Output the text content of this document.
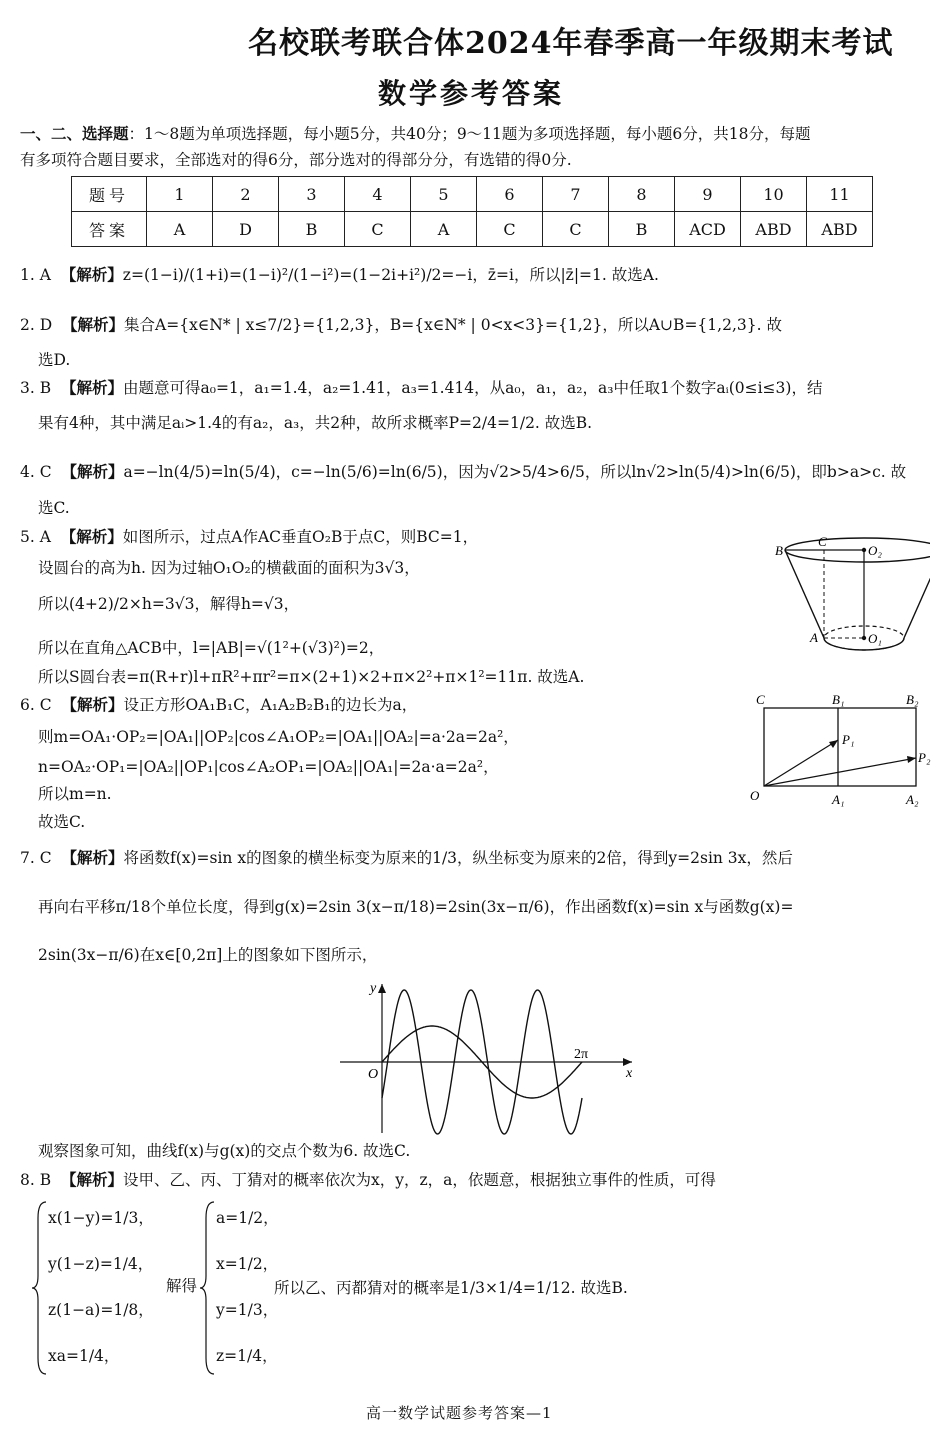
名校联考联合体2024年春季高一年级期末考试
数学参考答案
一、二、选择题：1～8题为单项选择题，每小题5分，共40分；9～11题为多项选择题，每小题6分，共18分，每题
有多项符合题目要求，全部选对的得6分，部分选对的得部分分，有选错的得0分.
题号	1	2	3	4	5	6	7	8	9	10	11
答案	A	D	B	C	A	C	C	B	ACD	ABD	ABD
1. A 【解析】z=(1−i)/(1+i)=(1−i)²/(1−i²)=(1−2i+i²)/2=−i，z̄=i，所以|z̄|=1. 故选A.
2. D 【解析】集合A={x∈N* | x≤7/2}={1,2,3}，B={x∈N* | 0<x<3}={1,2}，所以A∪B={1,2,3}. 故
选D.
3. B 【解析】由题意可得a₀=1，a₁=1.4，a₂=1.41，a₃=1.414，从a₀，a₁，a₂，a₃中任取1个数字aᵢ(0≤i≤3)，结
果有4种，其中满足aᵢ>1.4的有a₂，a₃，共2种，故所求概率P=2/4=1/2. 故选B.
4. C 【解析】a=−ln(4/5)=ln(5/4)，c=−ln(5/6)=ln(6/5)，因为√2>5/4>6/5，所以ln√2>ln(5/4)>ln(6/5)，即b>a>c. 故
选C.
5. A 【解析】如图所示，过点A作AC垂直O₂B于点C，则BC=1，
设圆台的高为h. 因为过轴O₁O₂的横截面的面积为3√3，
所以(4+2)/2×h=3√3，解得h=√3，
所以在直角△ACB中，l=|AB|=√(1²+(√3)²)=2，
所以S圆台表=π(R+r)l+πR²+πr²=π×(2+1)×2+π×2²+π×1²=11π. 故选A.
B
C
O₂
A	O₁
6. C 【解析】设正方形OA₁B₁C，A₁A₂B₂B₁的边长为a，
则m=OA₁·OP₂=|OA₁||OP₂|cos∠A₁OP₂=|OA₁||OA₂|=a·2a=2a²，
n=OA₂·OP₁=|OA₂||OP₁|cos∠A₂OP₁=|OA₂||OA₁|=2a·a=2a²，
所以m=n.
故选C.
C	B₁	B₂
P₁
P₂
O	A₁	A₂
7. C 【解析】将函数f(x)=sin x的图象的横坐标变为原来的1/3，纵坐标变为原来的2倍，得到y=2sin 3x，然后
再向右平移π/18个单位长度，得到g(x)=2sin 3(x−π/18)=2sin(3x−π/6)，作出函数f(x)=sin x与函数g(x)=
2sin(3x−π/6)在x∈[0,2π]上的图象如下图所示，
y
x
O
2π
观察图象可知，曲线f(x)与g(x)的交点个数为6. 故选C.
8. B 【解析】设甲、乙、丙、丁猜对的概率依次为x，y，z，a，依题意，根据独立事件的性质，可得
x(1−y)=1/3，
y(1−z)=1/4，
z(1−a)=1/8，
xa=1/4，
解得
a=1/2，
x=1/2，
y=1/3，
z=1/4，
所以乙、丙都猜对的概率是1/3×1/4=1/12. 故选B.
高一数学试题参考答案—1
